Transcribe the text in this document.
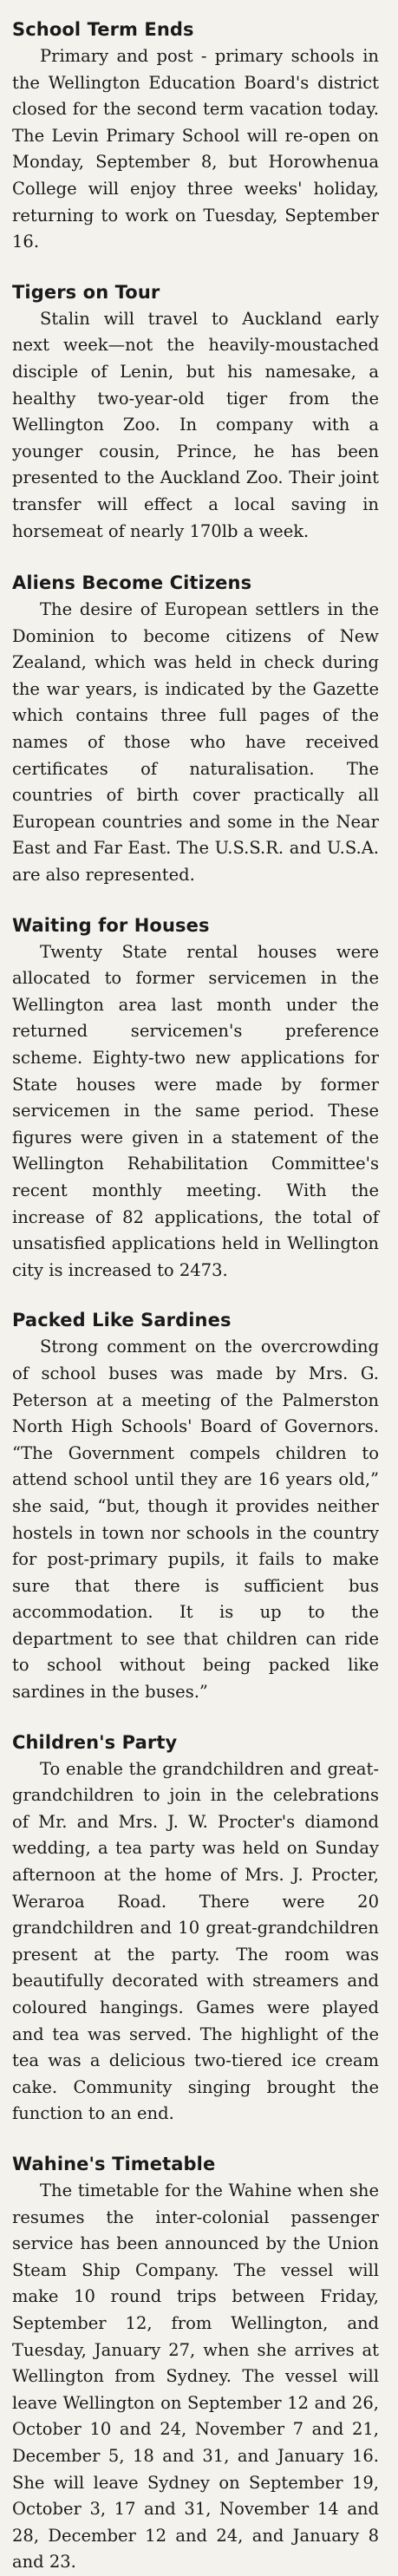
School Term Ends

Primary and post - primary schools in the Wellington Education Board's district closed for the second term vacation today. The Levin Primary School will re-open on Monday, September 8, but Horowhenua College will enjoy three weeks' holiday, returning to work on Tuesday, September 16.

Tigers on Tour

Stalin will travel to Auckland early next week—not the heavily-moustached disciple of Lenin, but his namesake, a healthy two-year-old tiger from the Wellington Zoo. In company with a younger cousin, Prince, he has been presented to the Auckland Zoo. Their joint transfer will effect a local saving in horsemeat of nearly 170lb a week.

Aliens Become Citizens

The desire of European settlers in the Dominion to become citizens of New Zealand, which was held in check during the war years, is indicated by the Gazette which contains three full pages of the names of those who have received certificates of naturalisation. The countries of birth cover practically all European countries and some in the Near East and Far East. The U.S.S.R. and U.S.A. are also represented.

Waiting for Houses

Twenty State rental houses were allocated to former servicemen in the Wellington area last month under the returned servicemen's preference scheme. Eighty-two new applications for State houses were made by former servicemen in the same period. These figures were given in a statement of the Wellington Rehabilitation Committee's recent monthly meeting. With the increase of 82 applications, the total of unsatisfied applications held in Wellington city is increased to 2473.

Packed Like Sardines

Strong comment on the overcrowding of school buses was made by Mrs. G. Peterson at a meeting of the Palmerston North High Schools' Board of Governors. “The Government compels children to attend school until they are 16 years old,” she said, “but, though it provides neither hostels in town nor schools in the country for post-primary pupils, it fails to make sure that there is sufficient bus accommodation. It is up to the department to see that children can ride to school without being packed like sardines in the buses.”

Children's Party

To enable the grandchildren and great-grandchildren to join in the celebrations of Mr. and Mrs. J. W. Procter's diamond wedding, a tea party was held on Sunday afternoon at the home of Mrs. J. Procter, Weraroa Road. There were 20 grandchildren and 10 great-grandchildren present at the party. The room was beautifully decorated with streamers and coloured hangings. Games were played and tea was served. The highlight of the tea was a delicious two-tiered ice cream cake. Community singing brought the function to an end.

Wahine's Timetable

The timetable for the Wahine when she resumes the inter-colonial passenger service has been announced by the Union Steam Ship Company. The vessel will make 10 round trips between Friday, September 12, from Wellington, and Tuesday, January 27, when she arrives at Wellington from Sydney. The vessel will leave Wellington on September 12 and 26, October 10 and 24, November 7 and 21, December 5, 18 and 31, and January 16. She will leave Sydney on September 19, October 3, 17 and 31, November 14 and 28, December 12 and 24, and January 8 and 23.
